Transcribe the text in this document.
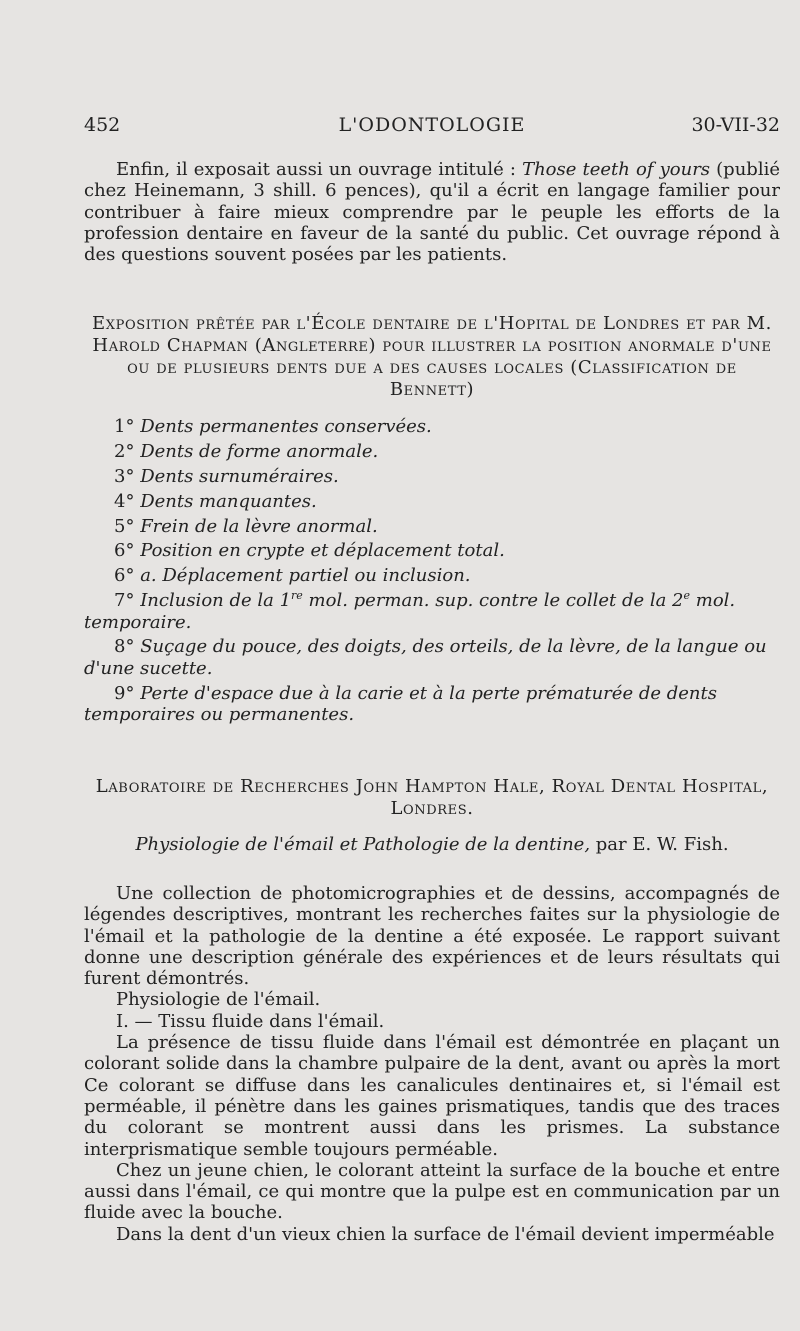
452	L'ODONTOLOGIE	30-VII-32
Enfin, il exposait aussi un ouvrage intitulé : Those teeth of yours (publié chez Heinemann, 3 shill. 6 pences), qu'il a écrit en langage familier pour contribuer à faire mieux comprendre par le peuple les efforts de la profession dentaire en faveur de la santé du public. Cet ouvrage répond à des questions souvent posées par les patients.
Exposition prêtée par l'École dentaire de l'Hopital de Londres et par M. Harold Chapman (Angleterre) pour illustrer la position anormale d'une ou de plusieurs dents due a des causes locales (Classification de Bennett)
1° Dents permanentes conservées.
2° Dents de forme anormale.
3° Dents surnuméraires.
4° Dents manquantes.
5° Frein de la lèvre anormal.
6° Position en crypte et déplacement total.
6° a. Déplacement partiel ou inclusion.
7° Inclusion de la 1re mol. perman. sup. contre le collet de la 2e mol. temporaire.
8° Suçage du pouce, des doigts, des orteils, de la lèvre, de la langue ou d'une sucette.
9° Perte d'espace due à la carie et à la perte prématurée de dents temporaires ou permanentes.
Laboratoire de Recherches John Hampton Hale, Royal Dental Hospital, Londres.
Physiologie de l'émail et Pathologie de la dentine, par E. W. Fish.
Une collection de photomicrographies et de dessins, accompagnés de légendes descriptives, montrant les recherches faites sur la physiologie de l'émail et la pathologie de la dentine a été exposée. Le rapport suivant donne une description générale des expériences et de leurs résultats qui furent démontrés.
Physiologie de l'émail.
I. — Tissu fluide dans l'émail.
La présence de tissu fluide dans l'émail est démontrée en plaçant un colorant solide dans la chambre pulpaire de la dent, avant ou après la mort Ce colorant se diffuse dans les canalicules dentinaires et, si l'émail est perméable, il pénètre dans les gaines prismatiques, tandis que des traces du colorant se montrent aussi dans les prismes. La substance interprismatique semble toujours perméable.
Chez un jeune chien, le colorant atteint la surface de la bouche et entre aussi dans l'émail, ce qui montre que la pulpe est en communication par un fluide avec la bouche.
Dans la dent d'un vieux chien la surface de l'émail devient imperméable
